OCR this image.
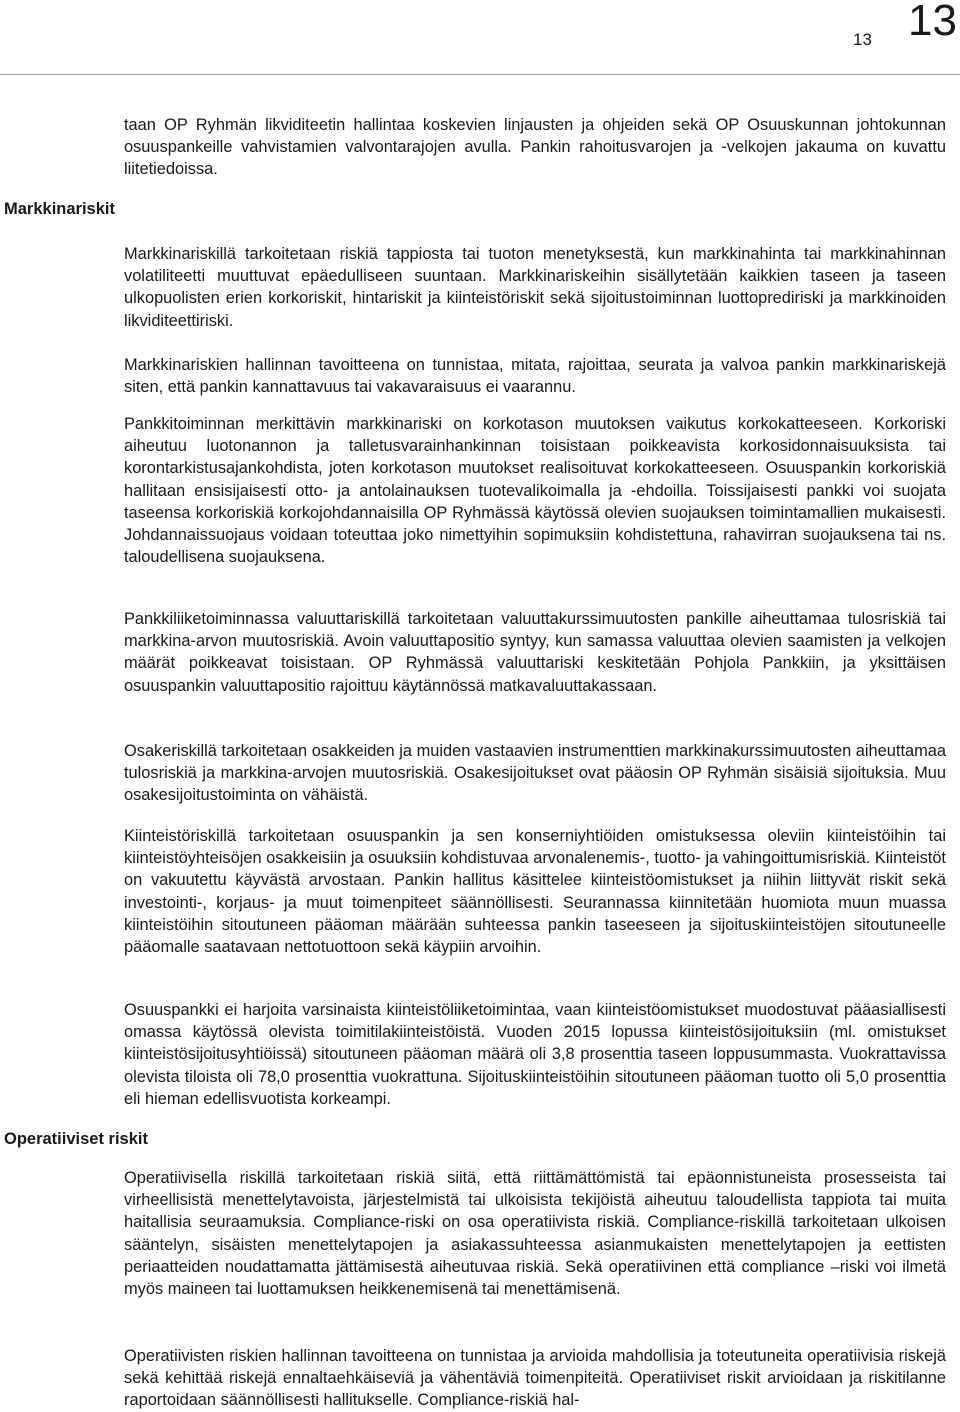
13 13
Markkinariskit
Operatiiviset riskit

taan OP Ryhmän likviditeetin hallintaa koskevien linjausten ja ohjeiden sekä OP Osuuskunnan johtokunnan osuuspankeille vahvistamien valvontarajojen avulla. Pankin rahoitusvarojen ja -velkojen jakauma on kuvattu liitetiedoissa.

Markkinariskillä tarkoitetaan riskiä tappiosta tai tuoton menetyksestä, kun markkinahinta tai markkinahinnan volatiliteetti muuttuvat epäedulliseen suuntaan. Markkinariskeihin sisällytetään kaikkien taseen ja taseen ulkopuolisten erien korkoriskit, hintariskit ja kiinteistöriskit sekä sijoitustoiminnan luottoprediriski ja markkinoiden likviditeettiriski.

Markkinariskien hallinnan tavoitteena on tunnistaa, mitata, rajoittaa, seurata ja valvoa pankin markkinariskejä siten, että pankin kannattavuus tai vakavaraisuus ei vaarannu.

Pankkitoiminnan merkittävin markkinariski on korkotason muutoksen vaikutus korkokatteeseen. Korkoriski aiheutuu luotonannon ja talletusvarainhankinnan toisistaan poikkeavista korkosidonnaisuuksista tai korontarkistusajankohdista, joten korkotason muutokset realisoituvat korkokatteeseen. Osuuspankin korkoriskiä hallitaan ensisijaisesti otto- ja antolainauksen tuotevalikoimalla ja -ehdoilla. Toissijaisesti pankki voi suojata taseensa korkoriskiä korkojohdannaisilla OP Ryhmässä käytössä olevien suojauksen toimintamallien mukaisesti. Johdannaissuojaus voidaan toteuttaa joko nimettyihin sopimuksiin kohdistettuna, rahavirran suojauksena tai ns. taloudellisena suojauksena.

Pankkiliiketoiminnassa valuuttariskillä tarkoitetaan valuuttakurssimuutosten pankille aiheuttamaa tulosriskiä tai markkina-arvon muutosriskiä. Avoin valuuttapositio syntyy, kun samassa valuuttaa olevien saamisten ja velkojen määrät poikkeavat toisistaan. OP Ryhmässä valuuttariski keskitetään Pohjola Pankkiin, ja yksittäisen osuuspankin valuuttapositio rajoittuu käytännössä matkavaluuttakassaan.

Osakeriskillä tarkoitetaan osakkeiden ja muiden vastaavien instrumenttien markkinakurssimuutosten aiheuttamaa tulosriskiä ja markkina-arvojen muutosriskiä. Osakesijoitukset ovat pääosin OP Ryhmän sisäisiä sijoituksia. Muu osakesijoitustoiminta on vähäistä.

Kiinteistöriskillä tarkoitetaan osuuspankin ja sen konserniyhtiöiden omistuksessa oleviin kiinteistöihin tai kiinteistöyhteisöjen osakkeisiin ja osuuksiin kohdistuvaa arvonalenemis-, tuotto- ja vahingoittumisriskiä. Kiinteistöt on vakuutettu käyvästä arvostaan. Pankin hallitus käsittelee kiinteistöomistukset ja niihin liittyvät riskit sekä investointi-, korjaus- ja muut toimenpiteet säännöllisesti. Seurannassa kiinnitetään huomiota muun muassa kiinteistöihin sitoutuneen pääoman määrään suhteessa pankin taseeseen ja sijoituskiinteistöjen sitoutuneelle pääomalle saatavaan nettotuottoon sekä käypiin arvoihin.

Osuuspankki ei harjoita varsinaista kiinteistöliiketoimintaa, vaan kiinteistöomistukset muodostuvat pääasiallisesti omassa käytössä olevista toimitilakiinteistöistä. Vuoden 2015 lopussa kiinteistösijoituksiin (ml. omistukset kiinteistösijoitusyhtiöissä) sitoutuneen pääoman määrä oli 3,8 prosenttia taseen loppusummasta. Vuokrattavissa olevista tiloista oli 78,0 prosenttia vuokrattuna. Sijoituskiinteistöihin sitoutuneen pääoman tuotto oli 5,0 prosenttia eli hieman edellisvuotista korkeampi.

Operatiivisella riskillä tarkoitetaan riskiä siitä, että riittämättömistä tai epäonnistuneista prosesseista tai virheellisistä menettelytavoista, järjestelmistä tai ulkoisista tekijöistä aiheutuu taloudellista tappiota tai muita haitallisia seuraamuksia. Compliance-riski on osa operatiivista riskiä. Compliance-riskillä tarkoitetaan ulkoisen sääntelyn, sisäisten menettelytapojen ja asiakassuhteessa asianmukaisten menettelytapojen ja eettisten periaatteiden noudattamatta jättämisestä aiheutuvaa riskiä. Sekä operatiivinen että compliance –riski voi ilmetä myös maineen tai luottamuksen heikkenemisenä tai menettämisenä.

Operatiivisten riskien hallinnan tavoitteena on tunnistaa ja arvioida mahdollisia ja toteutuneita operatiivisia riskejä sekä kehittää riskejä ennaltaehkäiseviä ja vähentäviä toimenpiteitä. Operatiiviset riskit arvioidaan ja riskitilanne raportoidaan säännöllisesti hallitukselle. Compliance-riskiä hal-
